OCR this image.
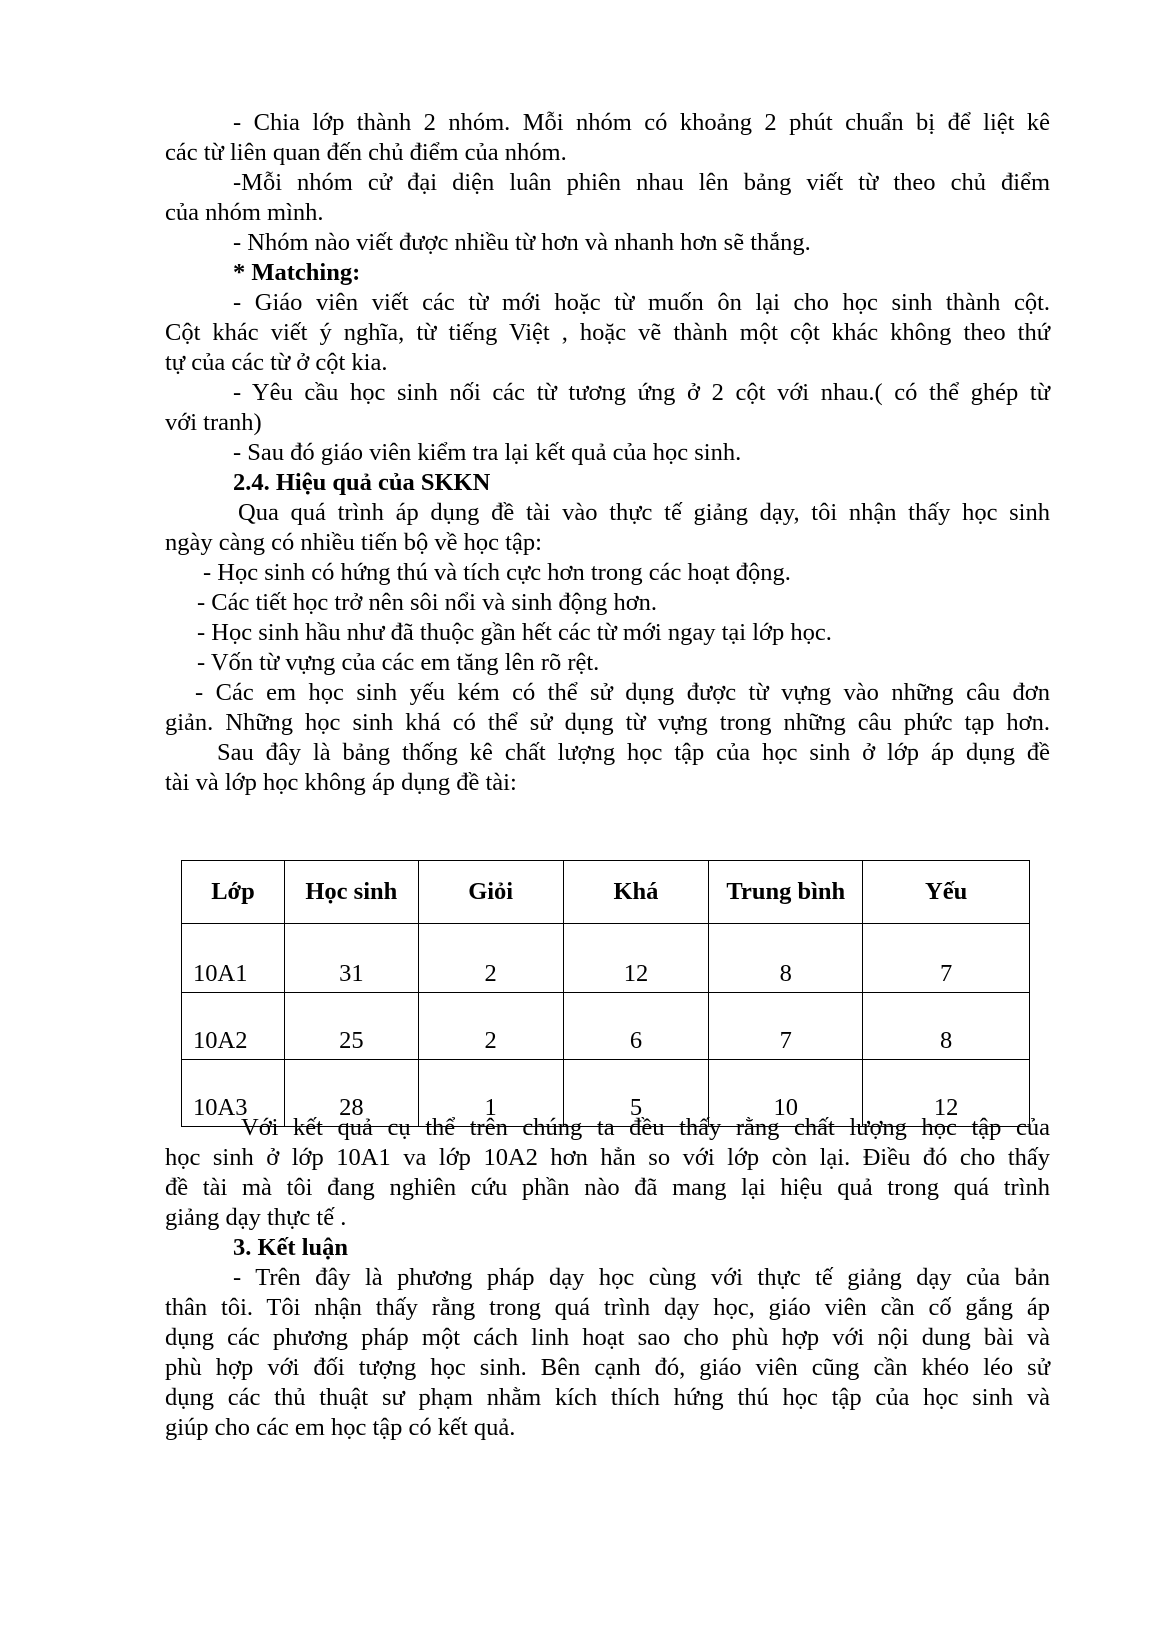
- Chia lớp thành 2 nhóm. Mỗi nhóm có khoảng 2 phút chuẩn bị để liệt kê
các từ liên quan đến chủ điểm của nhóm.
-Mỗi nhóm cử đại diện luân phiên nhau lên bảng viết từ theo chủ điểm
của nhóm mình.
- Nhóm nào viết được nhiều từ hơn và nhanh hơn sẽ thắng.
* Matching:
- Giáo viên viết các từ mới hoặc từ muốn ôn lại cho học sinh thành cột.
Cột khác viết ý nghĩa, từ tiếng Việt , hoặc vẽ thành một cột khác không theo thứ
tự của các từ ở cột kia.
- Yêu cầu học sinh nối các từ tương ứng ở 2 cột với nhau.( có thể ghép từ
với tranh)
- Sau đó giáo viên kiểm tra lại kết quả của học sinh.
2.4. Hiệu quả của SKKN
Qua quá trình áp dụng đề tài vào thực tế giảng dạy, tôi nhận thấy học sinh
ngày càng có nhiều tiến bộ về học tập:
- Học sinh có hứng thú và tích cực hơn trong các hoạt động.
- Các tiết học trở nên sôi nổi và sinh động hơn.
- Học sinh hầu như đã thuộc gần hết các từ mới ngay tại lớp học.
- Vốn từ vựng của các em tăng lên rõ rệt.
- Các em học sinh yếu kém có thể sử dụng được từ vựng vào những câu đơn
giản. Những học sinh khá có thể sử dụng từ vựng trong những câu phức tạp hơn.
Sau đây là bảng thống kê chất lượng học tập của học sinh ở lớp áp dụng đề
tài và lớp học không áp dụng đề tài:
Lớp	Học sinh	Giỏi	Khá	Trung bình	Yếu
10A1	31	2	12	8	7
10A2	25	2	6	7	8
10A3	28	1	5	10	12
Với kết quả cụ thể trên chúng ta đều thấy rằng chất lượng học tập của
học sinh ở lớp 10A1 va lớp 10A2 hơn hẳn so với lớp còn lại. Điều đó cho thấy
đề tài mà tôi đang nghiên cứu phần nào đã mang lại hiệu quả trong quá trình
giảng dạy thực tế .
3. Kết luận
- Trên đây là phương pháp dạy học cùng với thực tế giảng dạy của bản
thân tôi. Tôi nhận thấy rằng trong quá trình dạy học, giáo viên cần cố gắng áp
dụng các phương pháp một cách linh hoạt sao cho phù hợp với nội dung bài và
phù hợp với đối tượng học sinh. Bên cạnh đó, giáo viên cũng cần khéo léo sử
dụng các thủ thuật sư phạm nhằm kích thích hứng thú học tập của học sinh và
giúp cho các em học tập có kết quả.
